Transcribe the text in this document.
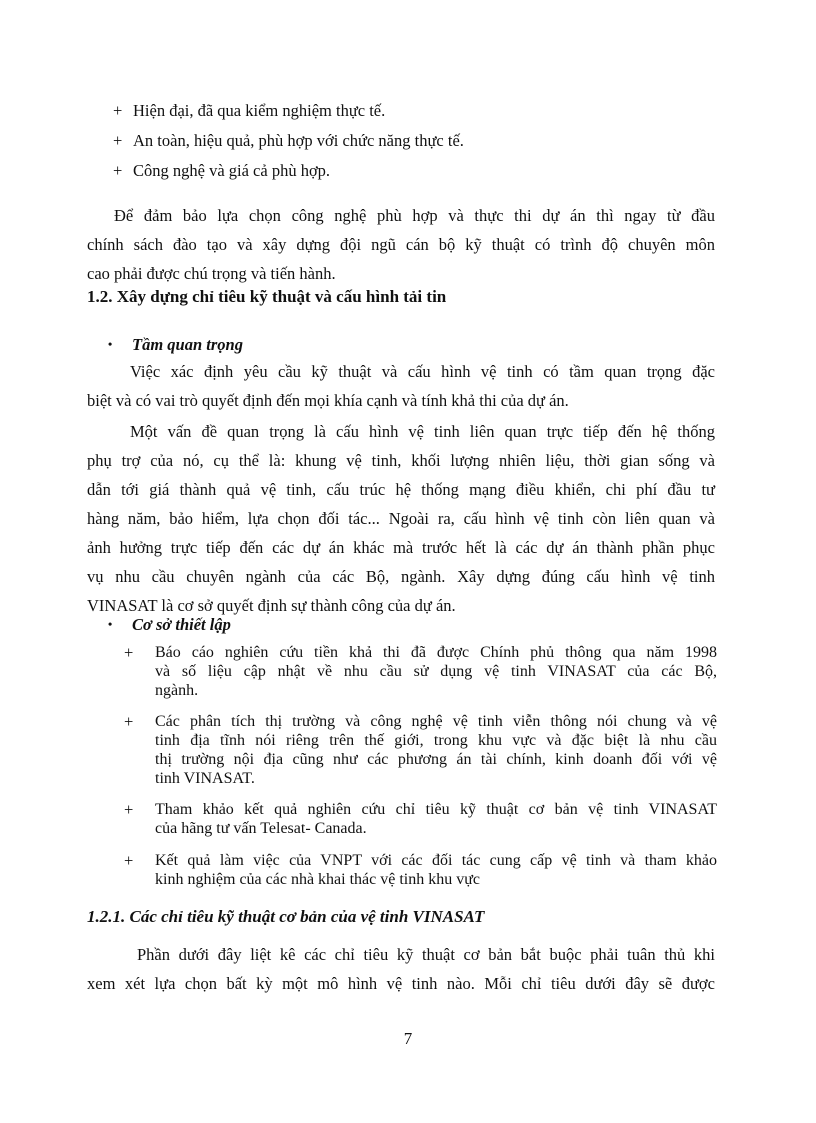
+ Hiện đại, đã qua kiểm nghiệm thực tế.
+ An toàn, hiệu quả, phù hợp với chức năng thực tế.
+ Công nghệ và giá cả phù hợp.
Để đảm bảo lựa chọn công nghệ phù hợp và thực thi dự án thì ngay từ đầu
chính sách đào tạo và xây dựng đội ngũ cán bộ kỹ thuật có trình độ chuyên môn
cao phải được chú trọng và tiến hành.
1.2. Xây dựng chỉ tiêu kỹ thuật và cấu hình tải tin
• Tầm quan trọng
Việc xác định yêu cầu kỹ thuật và cấu hình vệ tinh có tầm quan trọng đặc
biệt và có vai trò quyết định đến mọi khía cạnh và tính khả thi của dự án.
Một vấn đề quan trọng là cấu hình vệ tinh liên quan trực tiếp đến hệ thống
phụ trợ của nó, cụ thể là: khung vệ tinh, khối lượng nhiên liệu, thời gian sống và
dẫn tới giá thành quả vệ tinh, cấu trúc hệ thống mạng điều khiển, chi phí đầu tư
hàng năm, bảo hiểm, lựa chọn đối tác... Ngoài ra, cấu hình vệ tinh còn liên quan và
ảnh hưởng trực tiếp đến các dự án khác mà trước hết là các dự án thành phần phục
vụ nhu cầu chuyên ngành của các Bộ, ngành. Xây dựng đúng cấu hình vệ tinh
VINASAT là cơ sở quyết định sự thành công của dự án.
• Cơ sở thiết lập
+ Báo cáo nghiên cứu tiền khả thi đã được Chính phủ thông qua năm 1998
và số liệu cập nhật về nhu cầu sử dụng vệ tinh VINASAT của các Bộ,
ngành.
+ Các phân tích thị trường và công nghệ vệ tinh viễn thông nói chung và vệ
tinh địa tĩnh nói riêng trên thế giới, trong khu vực và đặc biệt là nhu cầu
thị trường nội địa cũng như các phương án tài chính, kinh doanh đối với vệ
tinh VINASAT.
+ Tham khảo kết quả nghiên cứu chỉ tiêu kỹ thuật cơ bản vệ tinh VINASAT
của hãng tư vấn Telesat- Canada.
+ Kết quả làm việc của VNPT với các đối tác cung cấp vệ tinh và tham khảo
kinh nghiệm của các nhà khai thác vệ tinh khu vực
1.2.1. Các chỉ tiêu kỹ thuật cơ bản của vệ tinh VINASAT
Phần dưới đây liệt kê các chỉ tiêu kỹ thuật cơ bản bắt buộc phải tuân thủ khi
xem xét lựa chọn bất kỳ một mô hình vệ tinh nào. Mỗi chỉ tiêu dưới đây sẽ được
7
